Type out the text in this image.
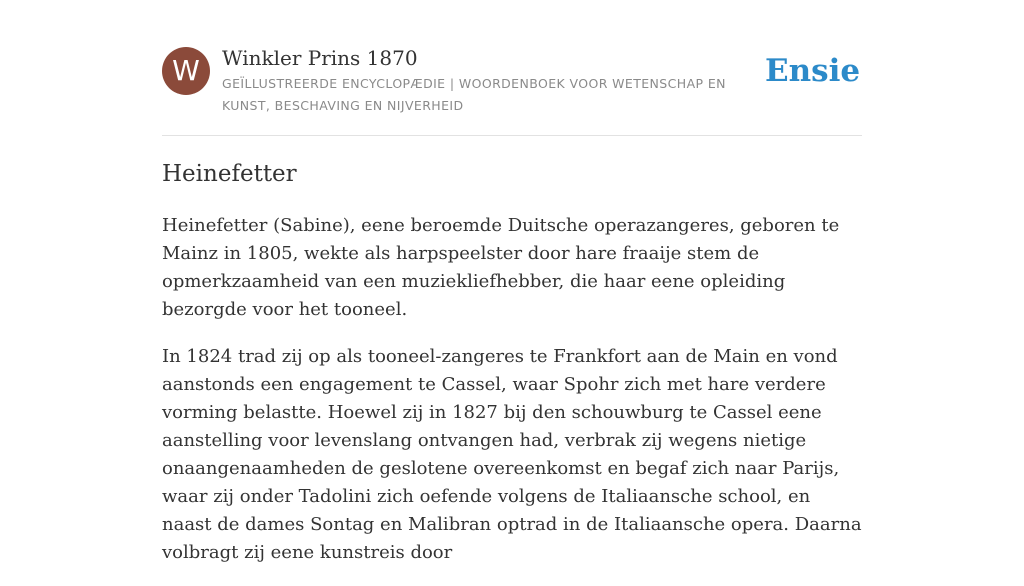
W	Winkler Prins 1870
GEÏLLUSTREERDE ENCYCLOPÆDIE | WOORDENBOEK VOOR WETENSCHAP EN KUNST, BESCHAVING EN NIJVERHEID
Ensie
Heinefetter

Heinefetter (Sabine), eene beroemde Duitsche operazangeres, geboren te Mainz in 1805, wekte als harpspeelster door hare fraaije stem de opmerkzaamheid van een muziekliefhebber, die haar eene opleiding bezorgde voor het tooneel.

In 1824 trad zij op als tooneel-zangeres te Frankfort aan de Main en vond aanstonds een engagement te Cassel, waar Spohr zich met hare verdere vorming belastte. Hoewel zij in 1827 bij den schouwburg te Cassel eene aanstelling voor levenslang ontvangen had, verbrak zij wegens nietige onaangenaamheden de geslotene overeenkomst en begaf zich naar Parijs, waar zij onder Tadolini zich oefende volgens de Italiaansche school, en naast de dames Sontag en Malibran optrad in de Italiaansche opera. Daarna volbragt zij eene kunstreis door
